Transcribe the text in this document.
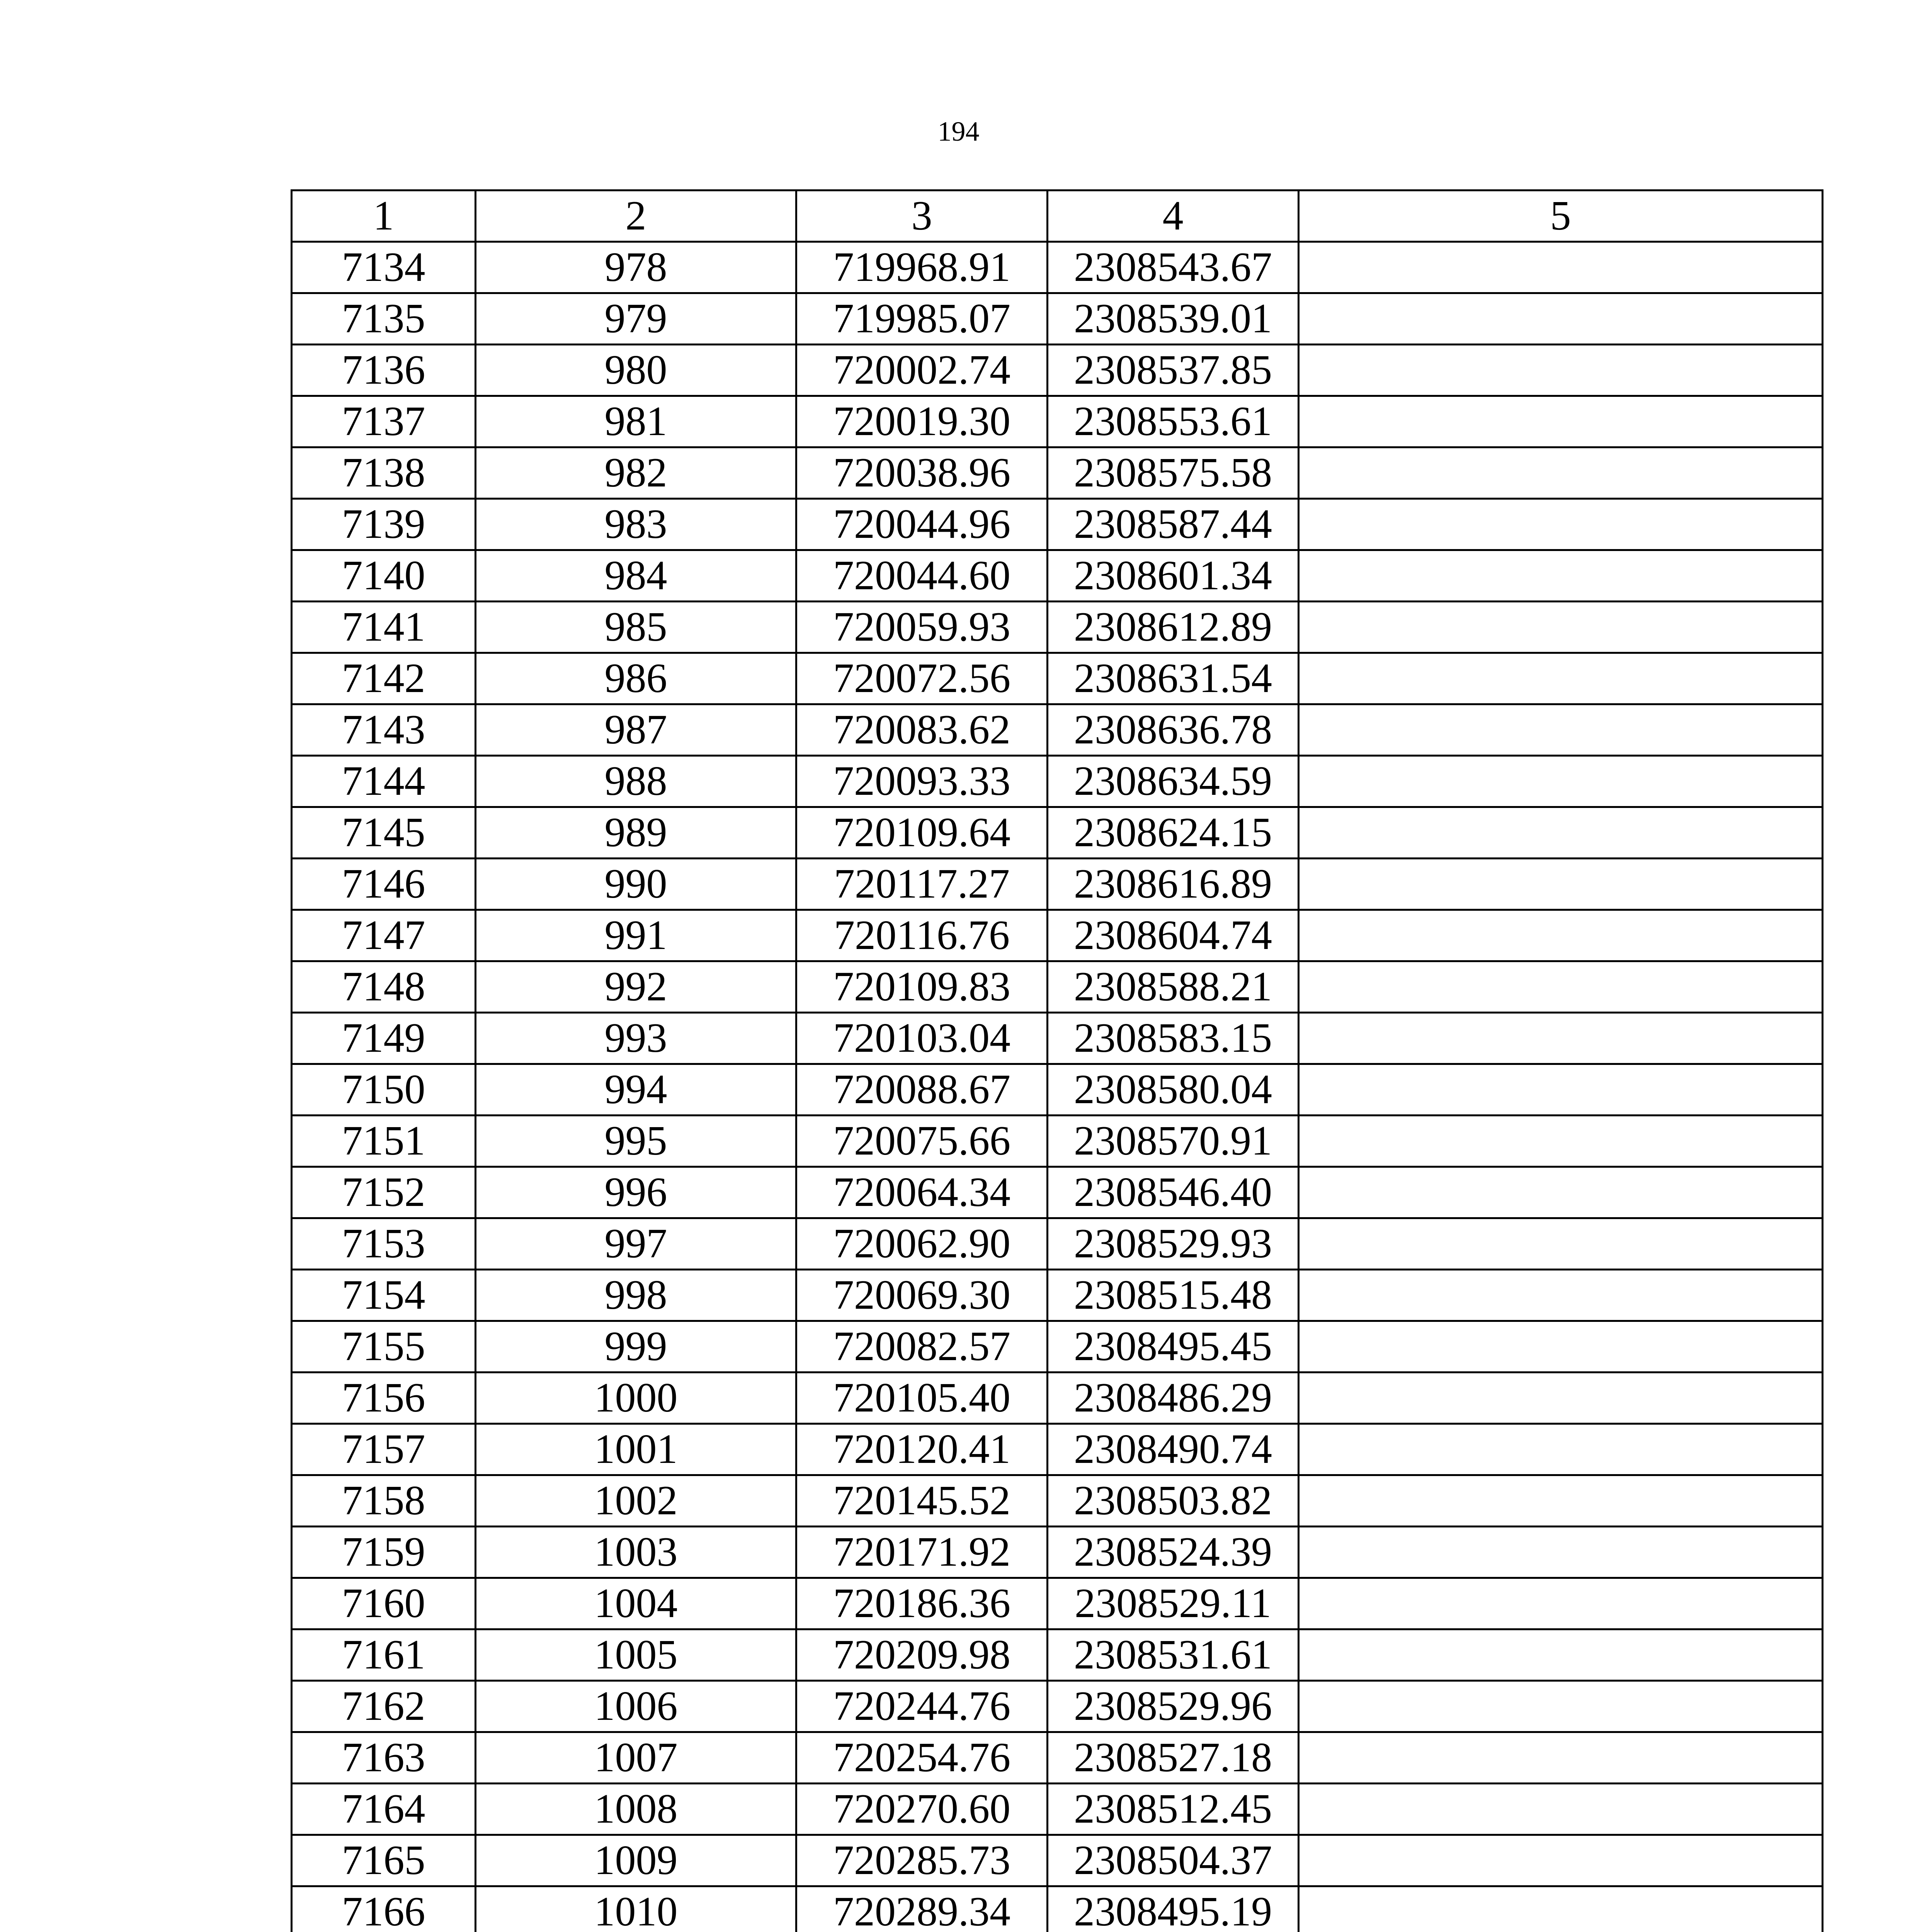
194
1	2	3	4	5
7134	978	719968.91	2308543.67	
7135	979	719985.07	2308539.01	
7136	980	720002.74	2308537.85	
7137	981	720019.30	2308553.61	
7138	982	720038.96	2308575.58	
7139	983	720044.96	2308587.44	
7140	984	720044.60	2308601.34	
7141	985	720059.93	2308612.89	
7142	986	720072.56	2308631.54	
7143	987	720083.62	2308636.78	
7144	988	720093.33	2308634.59	
7145	989	720109.64	2308624.15	
7146	990	720117.27	2308616.89	
7147	991	720116.76	2308604.74	
7148	992	720109.83	2308588.21	
7149	993	720103.04	2308583.15	
7150	994	720088.67	2308580.04	
7151	995	720075.66	2308570.91	
7152	996	720064.34	2308546.40	
7153	997	720062.90	2308529.93	
7154	998	720069.30	2308515.48	
7155	999	720082.57	2308495.45	
7156	1000	720105.40	2308486.29	
7157	1001	720120.41	2308490.74	
7158	1002	720145.52	2308503.82	
7159	1003	720171.92	2308524.39	
7160	1004	720186.36	2308529.11	
7161	1005	720209.98	2308531.61	
7162	1006	720244.76	2308529.96	
7163	1007	720254.76	2308527.18	
7164	1008	720270.60	2308512.45	
7165	1009	720285.73	2308504.37	
7166	1010	720289.34	2308495.19	
